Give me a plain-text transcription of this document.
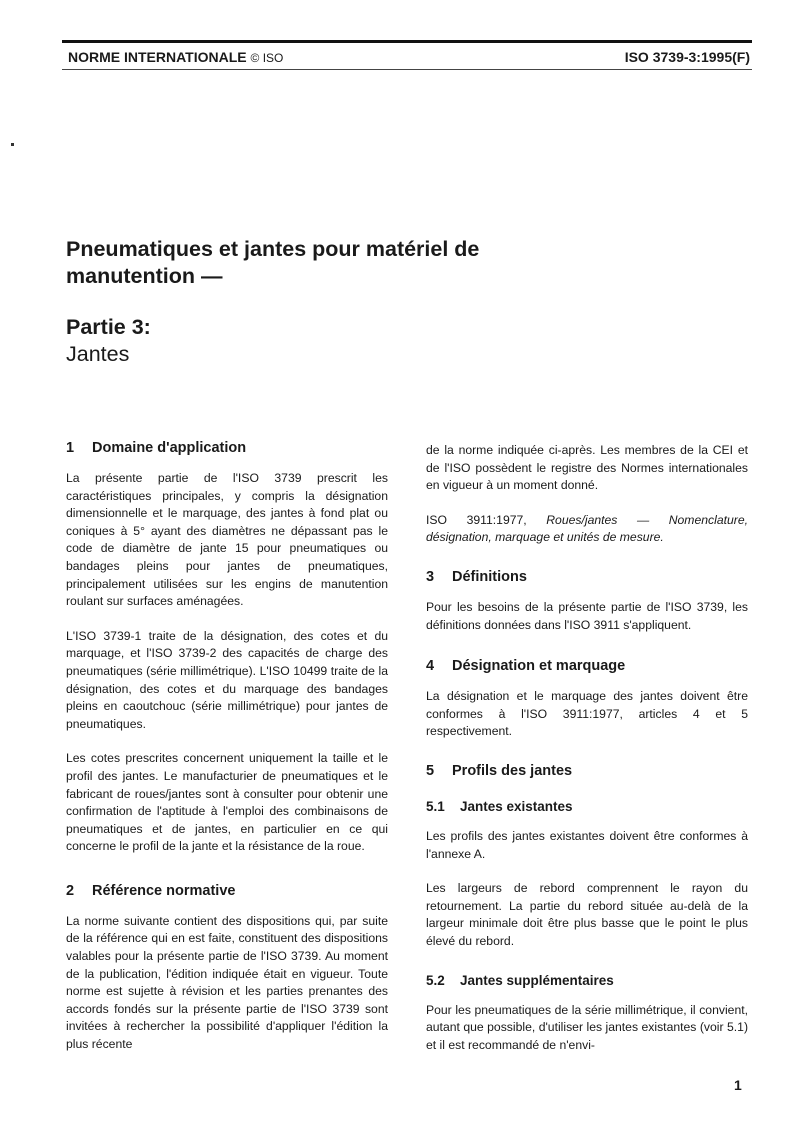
NORME INTERNATIONALE © ISO	ISO 3739-3:1995(F)
Pneumatiques et jantes pour matériel de manutention —
Partie 3:
Jantes
1 Domaine d'application

La présente partie de l'ISO 3739 prescrit les caractéristiques principales, y compris la désignation dimensionnelle et le marquage, des jantes à fond plat ou coniques à 5° ayant des diamètres ne dépassant pas le code de diamètre de jante 15 pour pneumatiques ou bandages pleins pour jantes de pneumatiques, principalement utilisées sur les engins de manutention roulant sur surfaces aménagées.

L'ISO 3739-1 traite de la désignation, des cotes et du marquage, et l'ISO 3739-2 des capacités de charge des pneumatiques (série millimétrique). L'ISO 10499 traite de la désignation, des cotes et du marquage des bandages pleins en caoutchouc (série millimétrique) pour jantes de pneumatiques.

Les cotes prescrites concernent uniquement la taille et le profil des jantes. Le manufacturier de pneumatiques et le fabricant de roues/jantes sont à consulter pour obtenir une confirmation de l'aptitude à l'emploi des combinaisons de pneumatiques et de jantes, en particulier en ce qui concerne le profil de la jante et la résistance de la roue.

2 Référence normative

La norme suivante contient des dispositions qui, par suite de la référence qui en est faite, constituent des dispositions valables pour la présente partie de l'ISO 3739. Au moment de la publication, l'édition indiquée était en vigueur. Toute norme est sujette à révision et les parties prenantes des accords fondés sur la présente partie de l'ISO 3739 sont invitées à rechercher la possibilité d'appliquer l'édition la plus récente

de la norme indiquée ci-après. Les membres de la CEI et de l'ISO possèdent le registre des Normes internationales en vigueur à un moment donné.

ISO 3911:1977, Roues/jantes — Nomenclature, désignation, marquage et unités de mesure.

3 Définitions

Pour les besoins de la présente partie de l'ISO 3739, les définitions données dans l'ISO 3911 s'appliquent.

4 Désignation et marquage

La désignation et le marquage des jantes doivent être conformes à l'ISO 3911:1977, articles 4 et 5 respectivement.

5 Profils des jantes
5.1 Jantes existantes

Les profils des jantes existantes doivent être conformes à l'annexe A.

Les largeurs de rebord comprennent le rayon du retournement. La partie du rebord située au-delà de la largeur minimale doit être plus basse que le point le plus élevé du rebord.

5.2 Jantes supplémentaires

Pour les pneumatiques de la série millimétrique, il convient, autant que possible, d'utiliser les jantes existantes (voir 5.1) et il est recommandé de n'envi-

1
